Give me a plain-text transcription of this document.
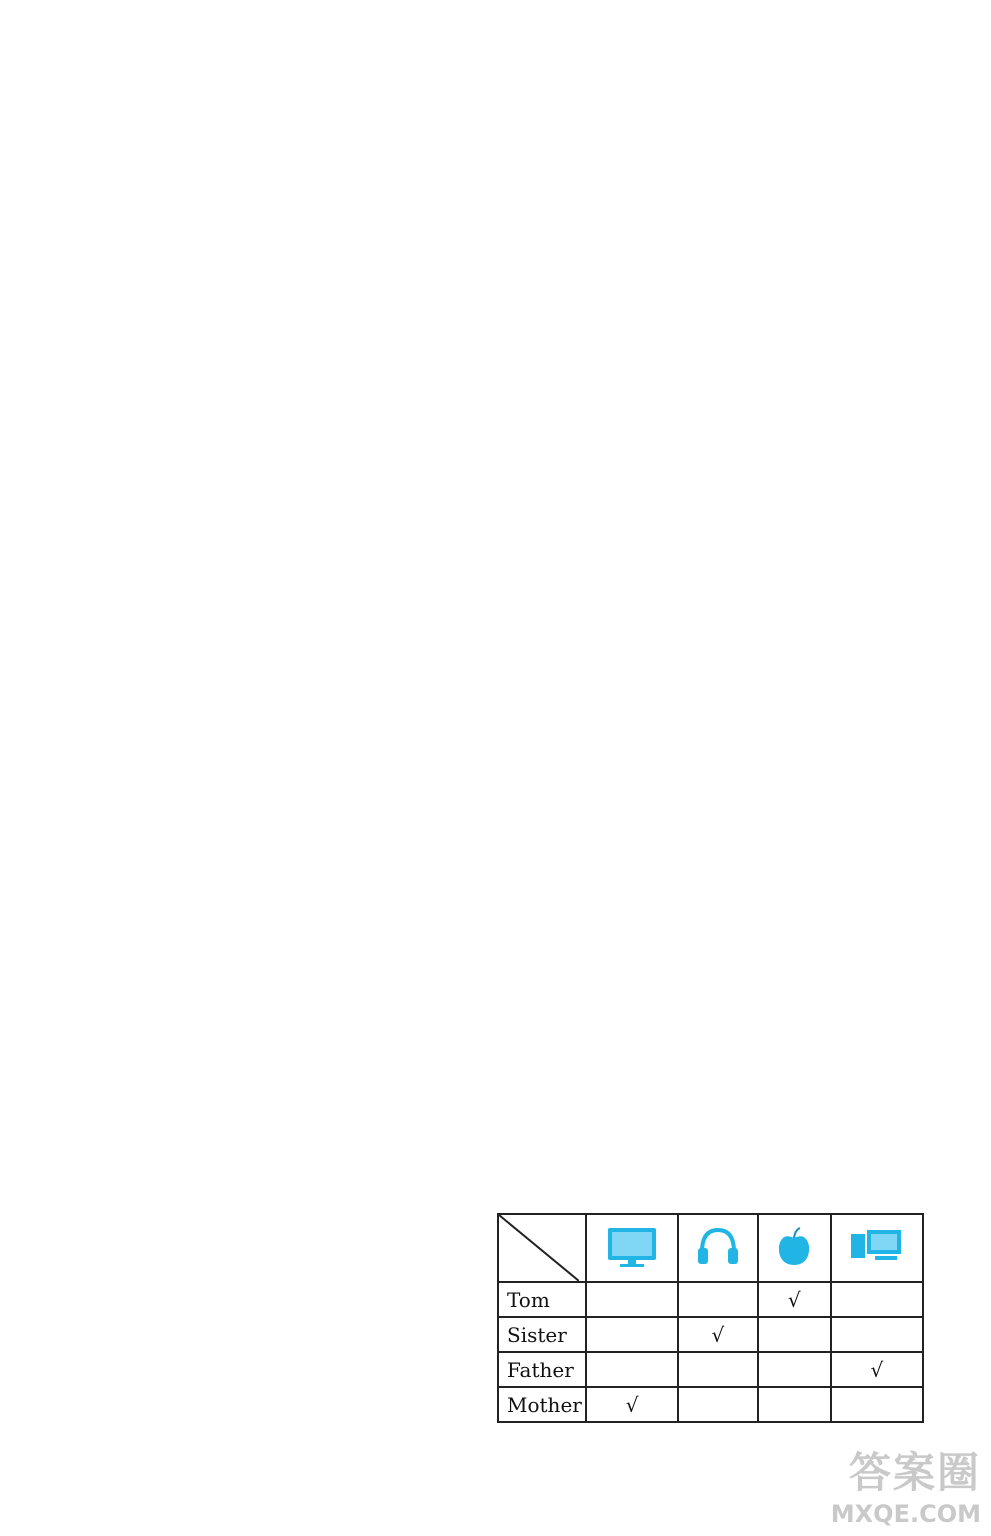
Tom			√	
Sister		√		
Father				√
Mother	√			
答案圈
MXQE.COM
